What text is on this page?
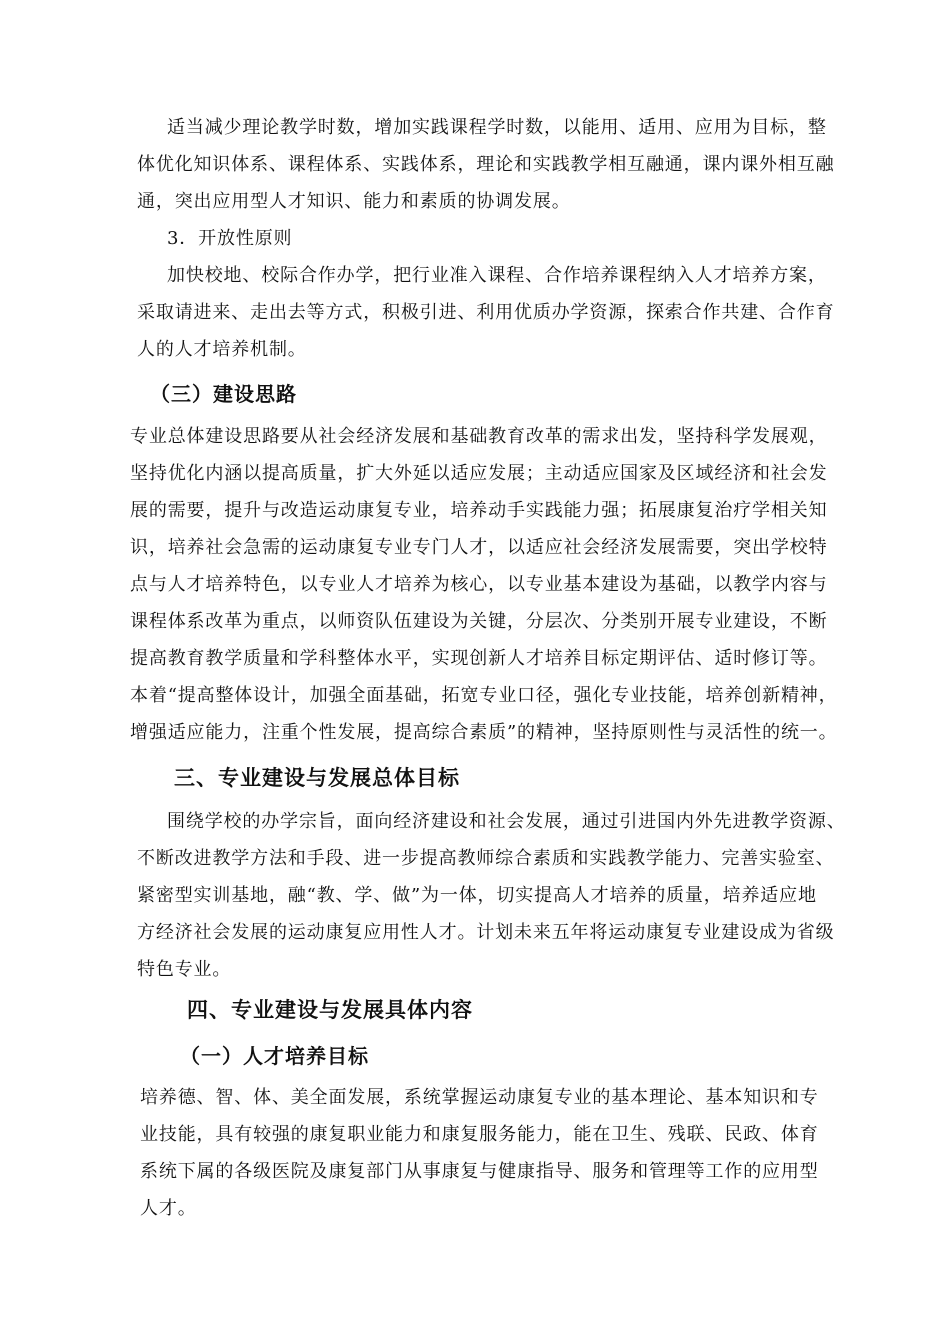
适当减少理论教学时数，增加实践课程学时数，以能用、适用、应用为目标，整
体优化知识体系、课程体系、实践体系，理论和实践教学相互融通，课内课外相互融
通，突出应用型人才知识、能力和素质的协调发展。
3．开放性原则
加快校地、校际合作办学，把行业准入课程、合作培养课程纳入人才培养方案，
采取请进来、走出去等方式，积极引进、利用优质办学资源，探索合作共建、合作育
人的人才培养机制。
（三）建设思路
专业总体建设思路要从社会经济发展和基础教育改革的需求出发，坚持科学发展观，
坚持优化内涵以提高质量，扩大外延以适应发展；主动适应国家及区域经济和社会发
展的需要，提升与改造运动康复专业，培养动手实践能力强；拓展康复治疗学相关知
识，培养社会急需的运动康复专业专门人才，以适应社会经济发展需要，突出学校特
点与人才培养特色，以专业人才培养为核心，以专业基本建设为基础，以教学内容与
课程体系改革为重点，以师资队伍建设为关键，分层次、分类别开展专业建设，不断
提高教育教学质量和学科整体水平，实现创新人才培养目标定期评估、适时修订等。
本着“提高整体设计，加强全面基础，拓宽专业口径，强化专业技能，培养创新精神，
增强适应能力，注重个性发展，提高综合素质”的精神，坚持原则性与灵活性的统一。
三、专业建设与发展总体目标
围绕学校的办学宗旨，面向经济建设和社会发展，通过引进国内外先进教学资源、
不断改进教学方法和手段、进一步提高教师综合素质和实践教学能力、完善实验室、
紧密型实训基地，融“教、学、做”为一体，切实提高人才培养的质量，培养适应地
方经济社会发展的运动康复应用性人才。计划未来五年将运动康复专业建设成为省级
特色专业。
四、专业建设与发展具体内容
（一）人才培养目标
培养德、智、体、美全面发展，系统掌握运动康复专业的基本理论、基本知识和专
业技能，具有较强的康复职业能力和康复服务能力，能在卫生、残联、民政、体育
系统下属的各级医院及康复部门从事康复与健康指导、服务和管理等工作的应用型
人才。
